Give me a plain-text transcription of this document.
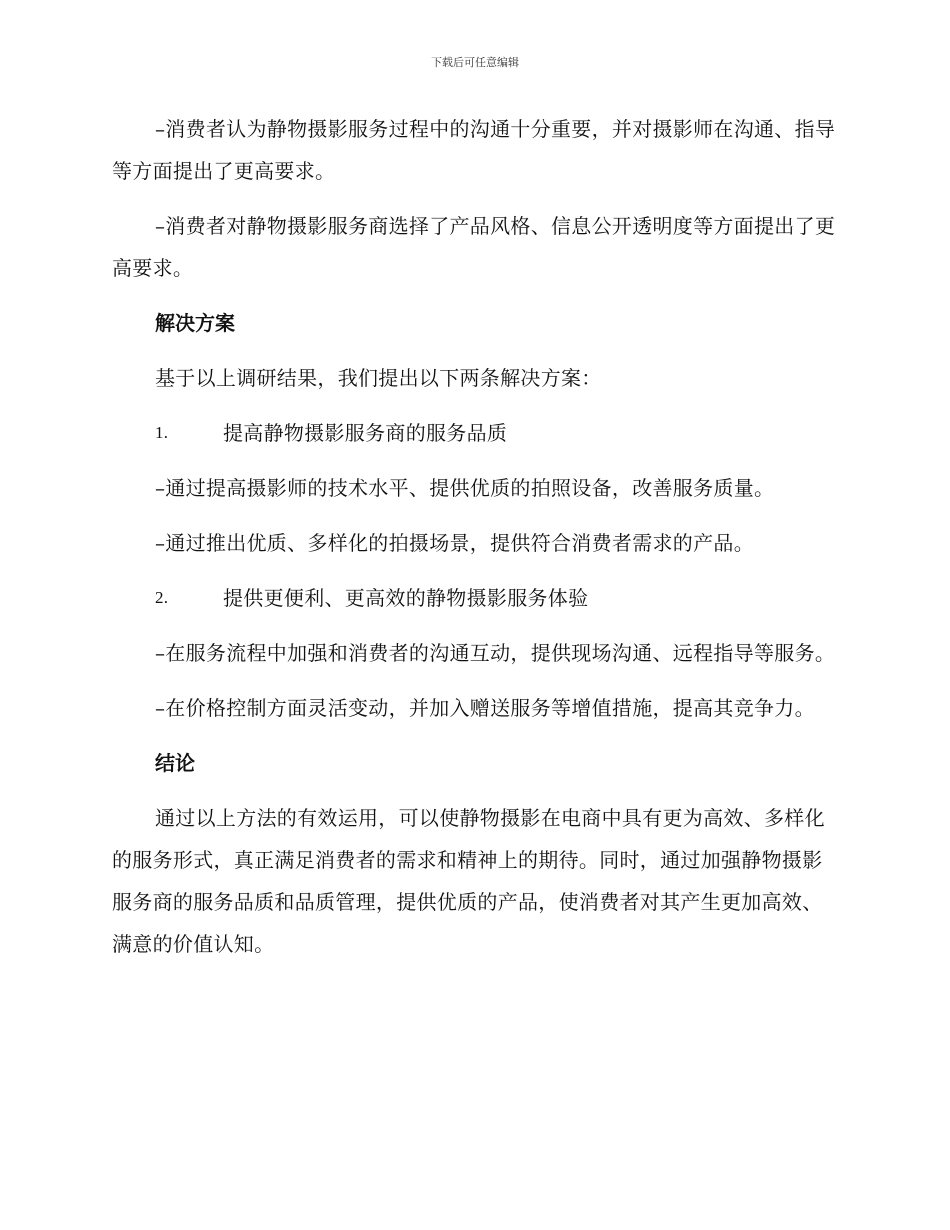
下载后可任意编辑

–消费者认为静物摄影服务过程中的沟通十分重要，并对摄影师在沟通、指导等方面提出了更高要求。

–消费者对静物摄影服务商选择了产品风格、信息公开透明度等方面提出了更高要求。

解决方案

基于以上调研结果，我们提出以下两条解决方案：

1.	提高静物摄影服务商的服务品质

–通过提高摄影师的技术水平、提供优质的拍照设备，改善服务质量。

–通过推出优质、多样化的拍摄场景，提供符合消费者需求的产品。

2.	提供更便利、更高效的静物摄影服务体验

–在服务流程中加强和消费者的沟通互动，提供现场沟通、远程指导等服务。

–在价格控制方面灵活变动，并加入赠送服务等增值措施，提高其竞争力。

结论

通过以上方法的有效运用，可以使静物摄影在电商中具有更为高效、多样化的服务形式，真正满足消费者的需求和精神上的期待。同时，通过加强静物摄影服务商的服务品质和品质管理，提供优质的产品，使消费者对其产生更加高效、满意的价值认知。
